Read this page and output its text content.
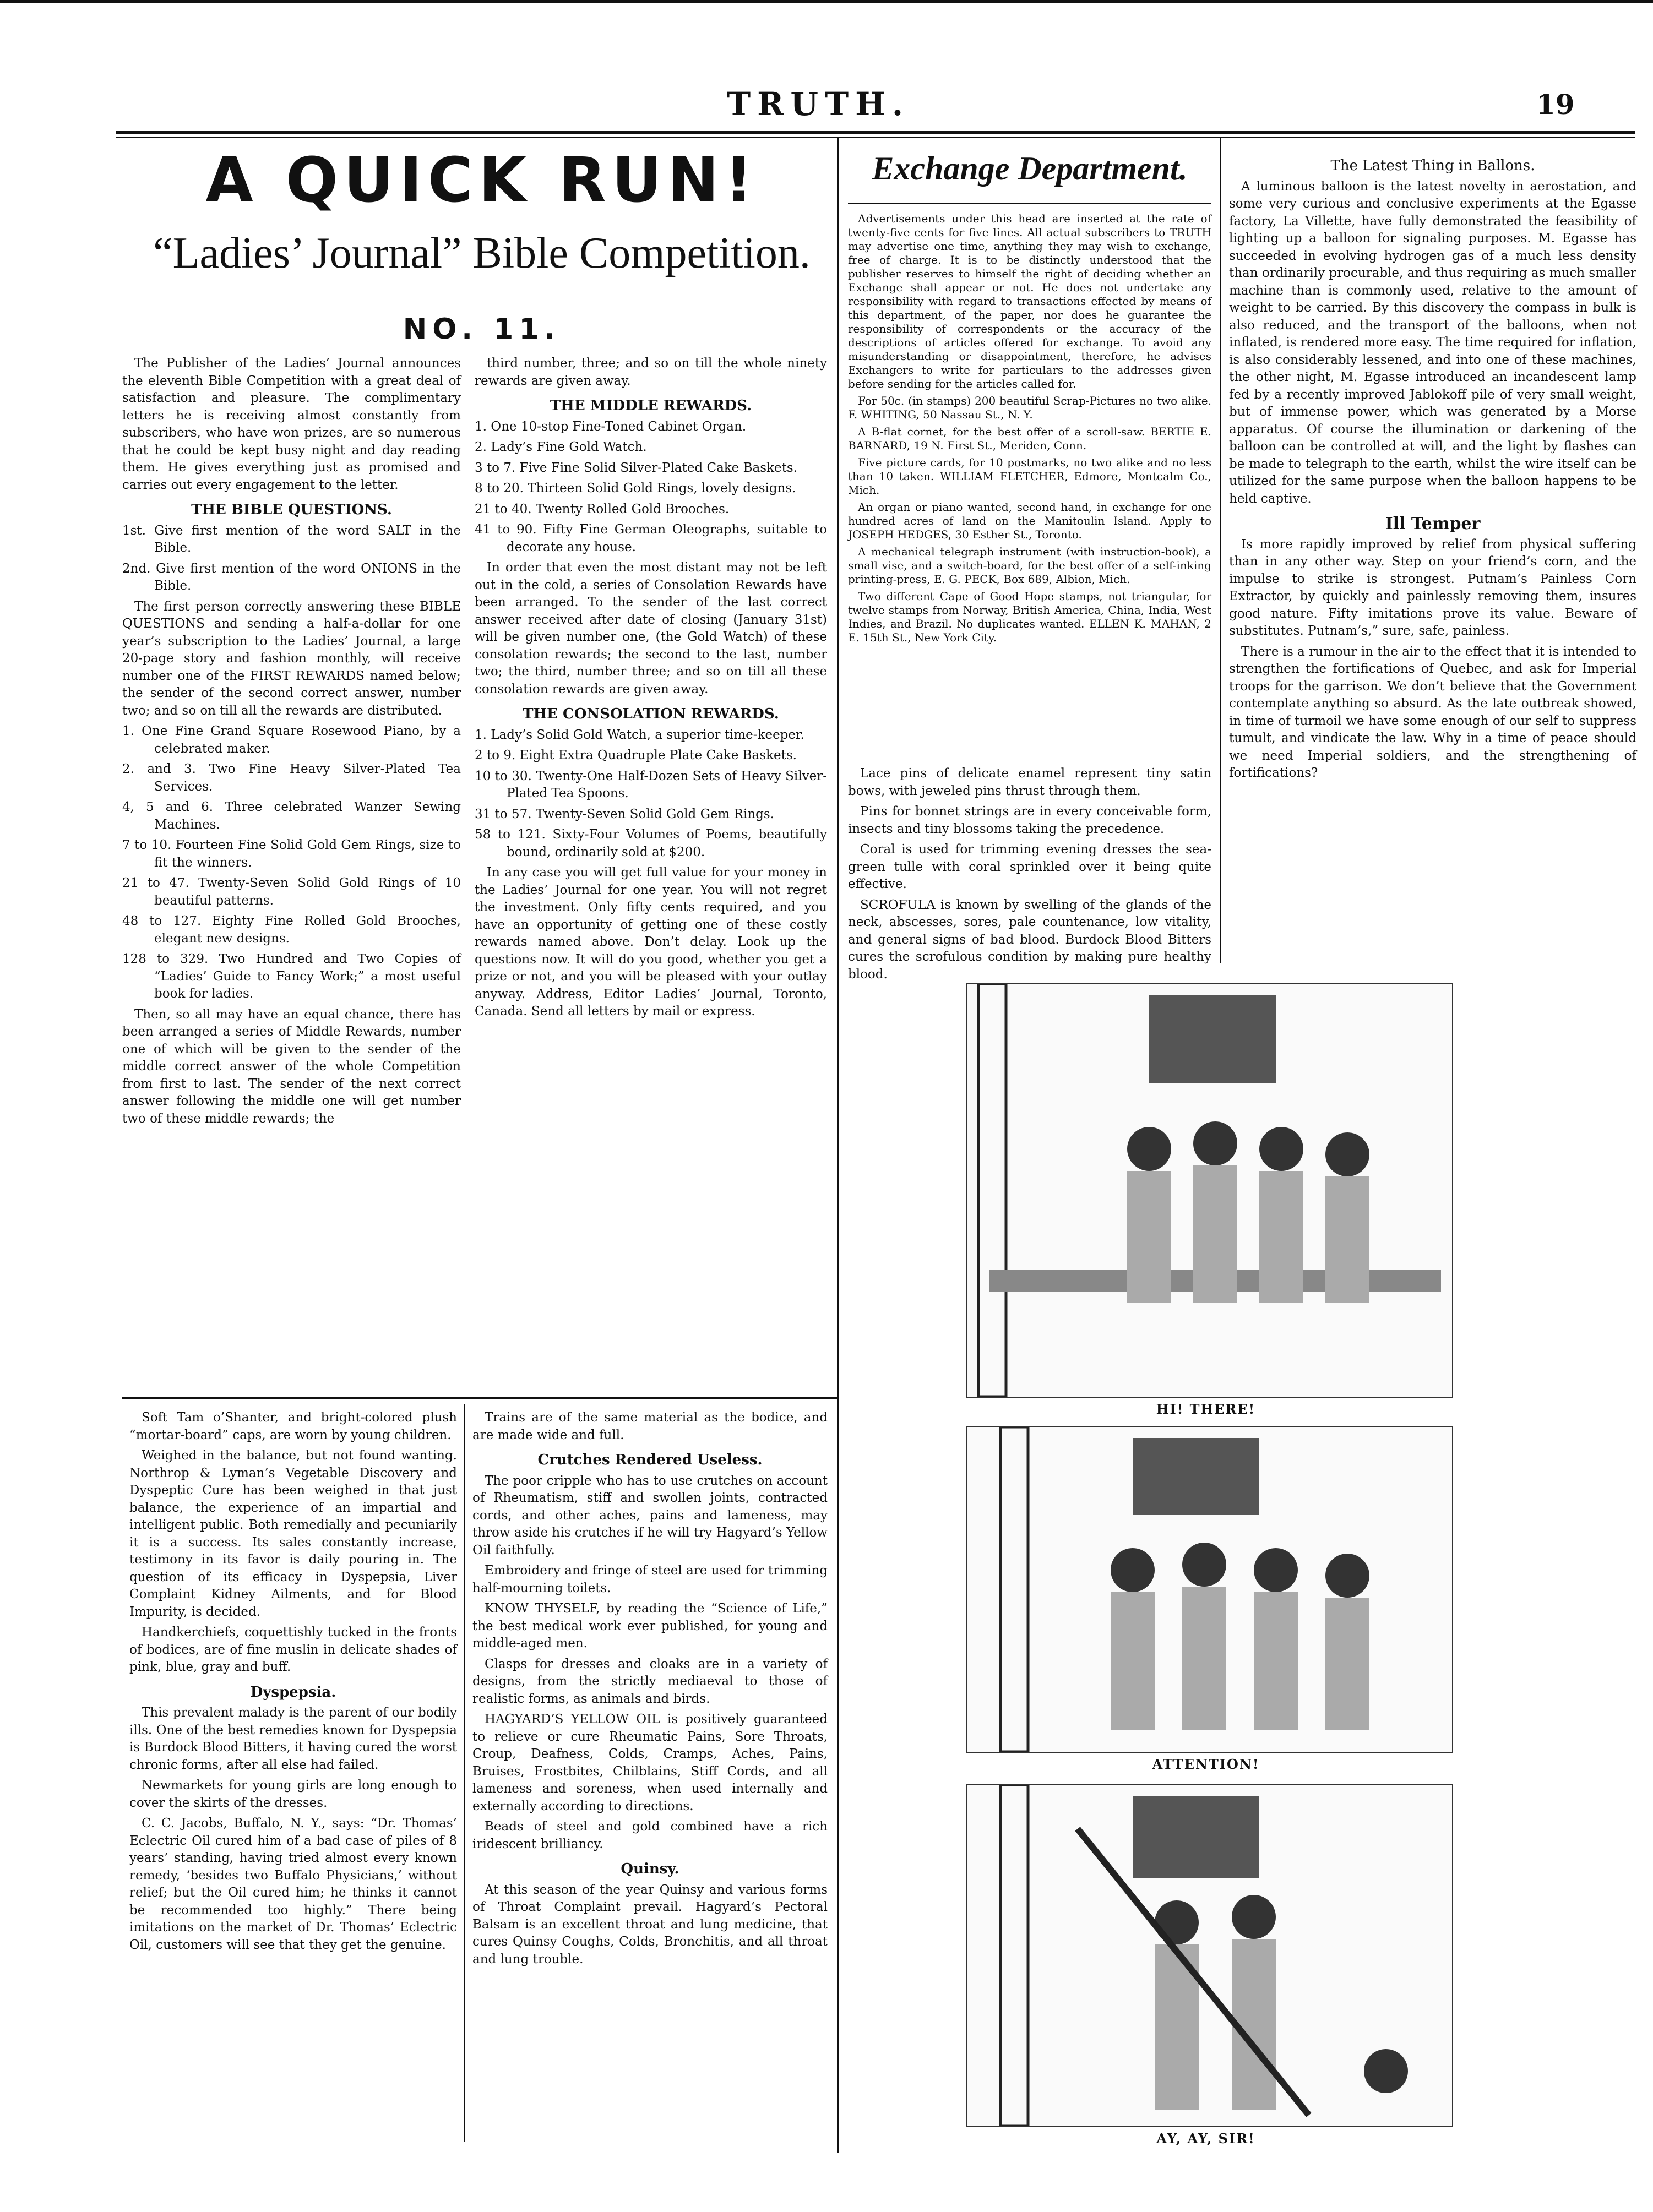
TRUTH.	19
A QUICK RUN!
“Ladies’ Journal” Bible Competition.
NO. 11.

The Publisher of the Ladies’ Journal announces the eleventh Bible Competition with a great deal of satisfaction and pleasure. The complimentary letters he is receiving almost constantly from subscribers, who have won prizes, are so numerous that he could be kept busy night and day reading them. He gives everything just as promised and carries out every engagement to the letter.

THE BIBLE QUESTIONS.

1st. Give first mention of the word SALT in the Bible.

2nd. Give first mention of the word ONIONS in the Bible.

The first person correctly answering these BIBLE QUESTIONS and sending a half-a-dollar for one year’s subscription to the Ladies’ Journal, a large 20-page story and fashion monthly, will receive number one of the FIRST REWARDS named below; the sender of the second correct answer, number two; and so on till all the rewards are distributed.

1. One Fine Grand Square Rosewood Piano, by a celebrated maker.

2. and 3. Two Fine Heavy Silver-Plated Tea Services.

4, 5 and 6. Three celebrated Wanzer Sewing Machines.

7 to 10. Fourteen Fine Solid Gold Gem Rings, size to fit the winners.

21 to 47. Twenty-Seven Solid Gold Rings of 10 beautiful patterns.

48 to 127. Eighty Fine Rolled Gold Brooches, elegant new designs.

128 to 329. Two Hundred and Two Copies of “Ladies’ Guide to Fancy Work;” a most useful book for ladies.

Then, so all may have an equal chance, there has been arranged a series of Middle Rewards, number one of which will be given to the sender of the middle correct answer of the whole Competition from first to last. The sender of the next correct answer following the middle one will get number two of these middle rewards; the

third number, three; and so on till the whole ninety rewards are given away.

THE MIDDLE REWARDS.

1. One 10-stop Fine-Toned Cabinet Organ.

2. Lady’s Fine Gold Watch.

3 to 7. Five Fine Solid Silver-Plated Cake Baskets.

8 to 20. Thirteen Solid Gold Rings, lovely designs.

21 to 40. Twenty Rolled Gold Brooches.

41 to 90. Fifty Fine German Oleographs, suitable to decorate any house.

In order that even the most distant may not be left out in the cold, a series of Consolation Rewards have been arranged. To the sender of the last correct answer received after date of closing (January 31st) will be given number one, (the Gold Watch) of these consolation rewards; the second to the last, number two; the third, number three; and so on till all these consolation rewards are given away.

THE CONSOLATION REWARDS.

1. Lady’s Solid Gold Watch, a superior time-keeper.

2 to 9. Eight Extra Quadruple Plate Cake Baskets.

10 to 30. Twenty-One Half-Dozen Sets of Heavy Silver-Plated Tea Spoons.

31 to 57. Twenty-Seven Solid Gold Gem Rings.

58 to 121. Sixty-Four Volumes of Poems, beautifully bound, ordinarily sold at $200.

In any case you will get full value for your money in the Ladies’ Journal for one year. You will not regret the investment. Only fifty cents required, and you have an opportunity of getting one of these costly rewards named above. Don’t delay. Look up the questions now. It will do you good, whether you get a prize or not, and you will be pleased with your outlay anyway. Address, Editor Ladies’ Journal, Toronto, Canada. Send all letters by mail or express.

Soft Tam o’Shanter, and bright-colored plush “mortar-board” caps, are worn by young children.

Weighed in the balance, but not found wanting. Northrop & Lyman’s Vegetable Discovery and Dyspeptic Cure has been weighed in that just balance, the experience of an impartial and intelligent public. Both remedially and pecuniarily it is a success. Its sales constantly increase, testimony in its favor is daily pouring in. The question of its efficacy in Dyspepsia, Liver Complaint Kidney Ailments, and for Blood Impurity, is decided.

Handkerchiefs, coquettishly tucked in the fronts of bodices, are of fine muslin in delicate shades of pink, blue, gray and buff.

Dyspepsia.

This prevalent malady is the parent of our bodily ills. One of the best remedies known for Dyspepsia is Burdock Blood Bitters, it having cured the worst chronic forms, after all else had failed.

Newmarkets for young girls are long enough to cover the skirts of the dresses.

C. C. Jacobs, Buffalo, N. Y., says: “Dr. Thomas’ Eclectric Oil cured him of a bad case of piles of 8 years’ standing, having tried almost every known remedy, ‘besides two Buffalo Physicians,’ without relief; but the Oil cured him; he thinks it cannot be recommended too highly.” There being imitations on the market of Dr. Thomas’ Eclectric Oil, customers will see that they get the genuine.

Trains are of the same material as the bodice, and are made wide and full.

Crutches Rendered Useless.

The poor cripple who has to use crutches on account of Rheumatism, stiff and swollen joints, contracted cords, and other aches, pains and lameness, may throw aside his crutches if he will try Hagyard’s Yellow Oil faithfully.

Embroidery and fringe of steel are used for trimming half-mourning toilets.

KNOW THYSELF, by reading the “Science of Life,” the best medical work ever published, for young and middle-aged men.

Clasps for dresses and cloaks are in a variety of designs, from the strictly mediaeval to those of realistic forms, as animals and birds.

HAGYARD’S YELLOW OIL is positively guaranteed to relieve or cure Rheumatic Pains, Sore Throats, Croup, Deafness, Colds, Cramps, Aches, Pains, Bruises, Frostbites, Chilblains, Stiff Cords, and all lameness and soreness, when used internally and externally according to directions.

Beads of steel and gold combined have a rich iridescent brilliancy.

Quinsy.

At this season of the year Quinsy and various forms of Throat Complaint prevail. Hagyard’s Pectoral Balsam is an excellent throat and lung medicine, that cures Quinsy Coughs, Colds, Bronchitis, and all throat and lung trouble.

Exchange Department.

Advertisements under this head are inserted at the rate of twenty-five cents for five lines. All actual subscribers to TRUTH may advertise one time, anything they may wish to exchange, free of charge. It is to be distinctly understood that the publisher reserves to himself the right of deciding whether an Exchange shall appear or not. He does not undertake any responsibility with regard to transactions effected by means of this department, of the paper, nor does he guarantee the responsibility of correspondents or the accuracy of the descriptions of articles offered for exchange. To avoid any misunderstanding or disappointment, therefore, he advises Exchangers to write for particulars to the addresses given before sending for the articles called for.

For 50c. (in stamps) 200 beautiful Scrap-Pictures no two alike. F. WHITING, 50 Nassau St., N. Y.

A B-flat cornet, for the best offer of a scroll-saw. BERTIE E. BARNARD, 19 N. First St., Meriden, Conn.

Five picture cards, for 10 postmarks, no two alike and no less than 10 taken. WILLIAM FLETCHER, Edmore, Montcalm Co., Mich.

An organ or piano wanted, second hand, in exchange for one hundred acres of land on the Manitoulin Island. Apply to JOSEPH HEDGES, 30 Esther St., Toronto.

A mechanical telegraph instrument (with instruction-book), a small vise, and a switch-board, for the best offer of a self-inking printing-press, E. G. PECK, Box 689, Albion, Mich.

Two different Cape of Good Hope stamps, not triangular, for twelve stamps from Norway, British America, China, India, West Indies, and Brazil. No duplicates wanted. ELLEN K. MAHAN, 2 E. 15th St., New York City.

Lace pins of delicate enamel represent tiny satin bows, with jeweled pins thrust through them.

Pins for bonnet strings are in every conceivable form, insects and tiny blossoms taking the precedence.

Coral is used for trimming evening dresses the sea-green tulle with coral sprinkled over it being quite effective.

SCROFULA is known by swelling of the glands of the neck, abscesses, sores, pale countenance, low vitality, and general signs of bad blood. Burdock Blood Bitters cures the scrofulous condition by making pure healthy blood.

The Latest Thing in Ballons.

A luminous balloon is the latest novelty in aerostation, and some very curious and conclusive experiments at the Egasse factory, La Villette, have fully demonstrated the feasibility of lighting up a balloon for signaling purposes. M. Egasse has succeeded in evolving hydrogen gas of a much less density than ordinarily procurable, and thus requiring as much smaller machine than is commonly used, relative to the amount of weight to be carried. By this discovery the compass in bulk is also reduced, and the transport of the balloons, when not inflated, is rendered more easy. The time required for inflation, is also considerably lessened, and into one of these machines, the other night, M. Egasse introduced an incandescent lamp fed by a recently improved Jablokoff pile of very small weight, but of immense power, which was generated by a Morse apparatus. Of course the illumination or darkening of the balloon can be controlled at will, and the light by flashes can be made to telegraph to the earth, whilst the wire itself can be utilized for the same purpose when the balloon happens to be held captive.

Ill Temper

Is more rapidly improved by relief from physical suffering than in any other way. Step on your friend’s corn, and the impulse to strike is strongest. Putnam’s Painless Corn Extractor, by quickly and painlessly removing them, insures good nature. Fifty imitations prove its value. Beware of substitutes. Putnam’s,” sure, safe, painless.

There is a rumour in the air to the effect that it is intended to strengthen the fortifications of Quebec, and ask for Imperial troops for the garrison. We don’t believe that the Government contemplate anything so absurd. As the late outbreak showed, in time of turmoil we have some enough of our self to suppress tumult, and vindicate the law. Why in a time of peace should we need Imperial soldiers, and the strengthening of fortifications?

HI! THERE!
ATTENTION!
AY, AY, SIR!
